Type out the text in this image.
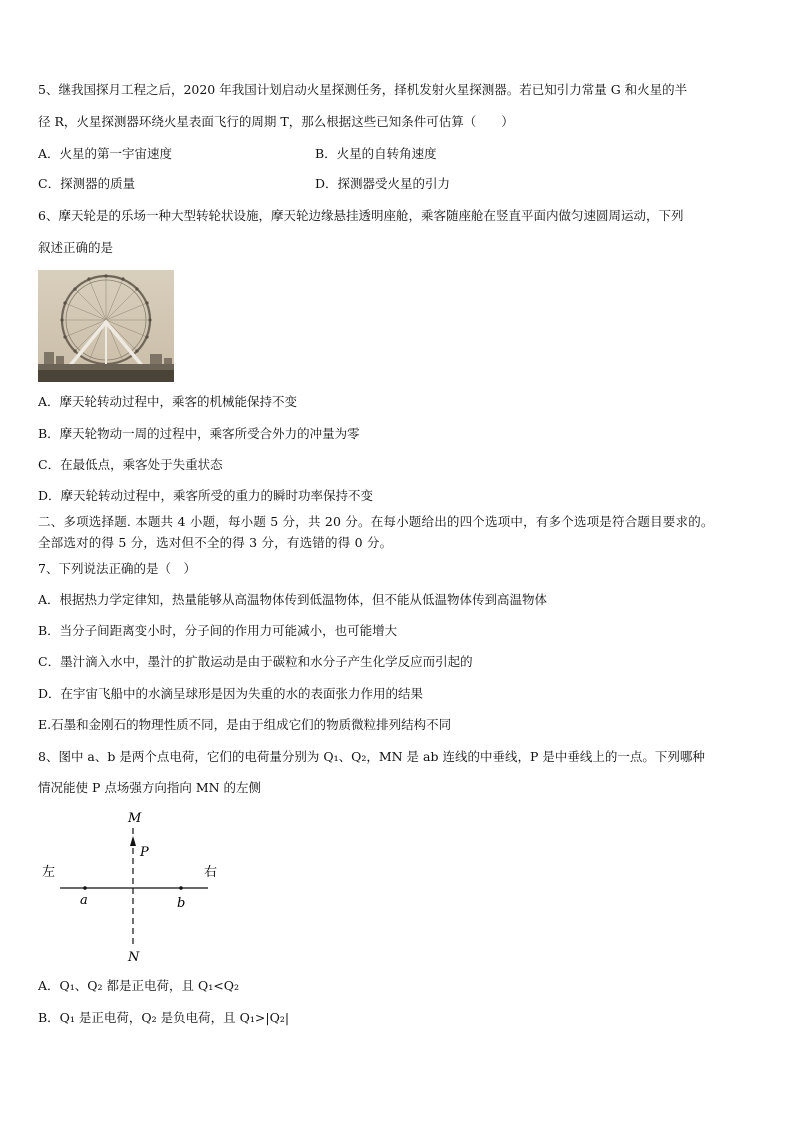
5、继我国探月工程之后，2020 年我国计划启动火星探测任务，择机发射火星探测器。若已知引力常量 G 和火星的半
径 R，火星探测器环绕火星表面飞行的周期 T，那么根据这些已知条件可估算（　　）
A．火星的第一宇宙速度	B．火星的自转角速度
C．探测器的质量	D．探测器受火星的引力
6、摩天轮是的乐场一种大型转轮状设施，摩天轮边缘悬挂透明座舱，乘客随座舱在竖直平面内做匀速圆周运动，下列
叙述正确的是
A．摩天轮转动过程中，乘客的机械能保持不变
B．摩天轮物动一周的过程中，乘客所受合外力的冲量为零
C．在最低点，乘客处于失重状态
D．摩天轮转动过程中，乘客所受的重力的瞬时功率保持不变
二、多项选择题. 本题共 4 小题，每小题 5 分，共 20 分。在每小题给出的四个选项中，有多个选项是符合题目要求的。
全部选对的得 5 分，选对但不全的得 3 分，有选错的得 0 分。
7、下列说法正确的是（　）
A．根据热力学定律知，热量能够从高温物体传到低温物体，但不能从低温物体传到高温物体
B．当分子间距离变小时，分子间的作用力可能减小，也可能增大
C．墨汁滴入水中，墨汁的扩散运动是由于碳粒和水分子产生化学反应而引起的
D．在宇宙飞船中的水滴呈球形是因为失重的水的表面张力作用的结果
E.石墨和金刚石的物理性质不同，是由于组成它们的物质微粒排列结构不同
8、图中 a、b 是两个点电荷，它们的电荷量分别为 Q₁、Q₂，MN 是 ab 连线的中垂线，P 是中垂线上的一点。下列哪种
情况能使 P 点场强方向指向 MN 的左侧
M
N
P
左	右
a	b
A．Q₁、Q₂ 都是正电荷，且 Q₁<Q₂
B．Q₁ 是正电荷，Q₂ 是负电荷，且 Q₁>|Q₂|
